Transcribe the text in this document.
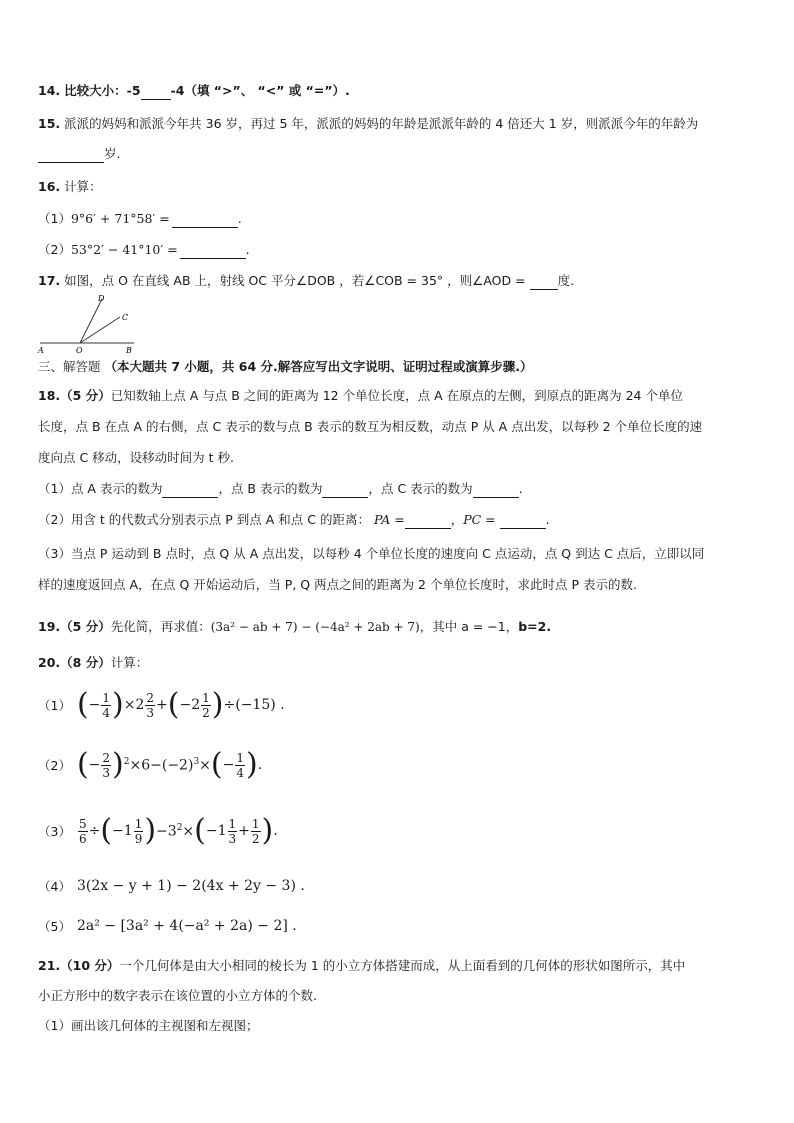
14. 比较大小：-5 -4（填 “>”、 “<” 或 “=”）.
15. 派派的妈妈和派派今年共 36 岁，再过 5 年，派派的妈妈的年龄是派派年龄的 4 倍还大 1 岁，则派派今年的年龄为
岁.
16. 计算：
（1）9°6′ + 71°58′ =	.
（2）53°2′ − 41°10′ =	.
17. 如图，点 O 在直线 AB 上，射线 OC 平分∠DOB ，若∠COB = 35° ，则∠AOD = 度.
A	O	B
C
D
三、解答题 （本大题共 7 小题，共 64 分.解答应写出文字说明、证明过程或演算步骤.）
18.（5 分）已知数轴上点 A 与点 B 之间的距离为 12 个单位长度，点 A 在原点的左侧，到原点的距离为 24 个单位
长度，点 B 在点 A 的右侧，点 C 表示的数与点 B 表示的数互为相反数，动点 P 从 A 点出发，以每秒 2 个单位长度的速
度向点 C 移动，设移动时间为 t 秒.
（1）点 A 表示的数为	，点 B 表示的数为	，点 C 表示的数为	.
（2）用含 t 的代数式分别表示点 P 到点 A 和点 C 的距离： PA =	，PC =	.
（3）当点 P 运动到 B 点时，点 Q 从 A 点出发，以每秒 4 个单位长度的速度向 C 点运动，点 Q 到达 C 点后，立即以同
样的速度返回点 A，在点 Q 开始运动后，当 P, Q 两点之间的距离为 2 个单位长度时，求此时点 P 表示的数.
19.（5 分）先化简，再求值：(3a² − ab + 7) − (−4a² + 2ab + 7)，其中 a = −1，b=2.
20.（8 分）计算：
（1） ( − $\frac{1}{4}$ ) $\times 2 \frac{2}{3}$ + ( $-2 \frac{1}{2}$ ) ÷(−15) .
（2） ( − $\frac{2}{3}$ ) $^2\times 6-(-2)^3\times$ ( − $\frac{1}{4}$ ) .
$(3) \frac{5}{6}$ ÷ ( $-1 \frac{1}{9}$ ) $-3^2\times$ ( $-1 \frac{1}{3} + \frac{1}{2}$ ) .
（4） 3(2x − y + 1) − 2(4x + 2y − 3) .
（5） 2a² − [3a² + 4(−a² + 2a) − 2] .
21.（10 分）一个几何体是由大小相同的棱长为 1 的小立方体搭建而成，从上面看到的几何体的形状如图所示，其中
小正方形中的数字表示在该位置的小立方体的个数.
（1）画出该几何体的主视图和左视图；
